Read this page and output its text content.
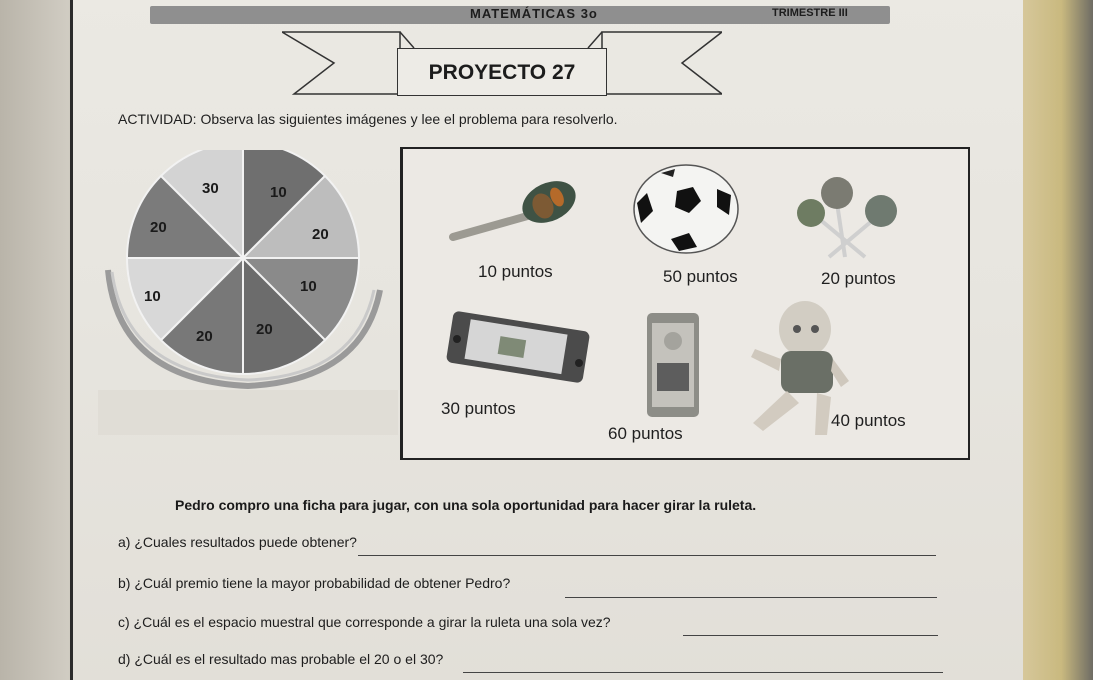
MATEMÁTICAS 3o	TRIMESTRE III
PROYECTO 27
ACTIVIDAD: Observa las siguientes imágenes y lee el problema para resolverlo.
30	10
20
10
20
20
10
20
10 puntos	50 puntos	20 puntos
30 puntos
60 puntos
40 puntos
Pedro compro una ficha para jugar, con una sola oportunidad para hacer girar la ruleta.
a) ¿Cuales resultados puede obtener?
b) ¿Cuál premio tiene la mayor probabilidad de obtener Pedro?
c) ¿Cuál es el espacio muestral que corresponde a girar la ruleta una sola vez?
d) ¿Cuál es el resultado mas probable el 20 o el 30?
